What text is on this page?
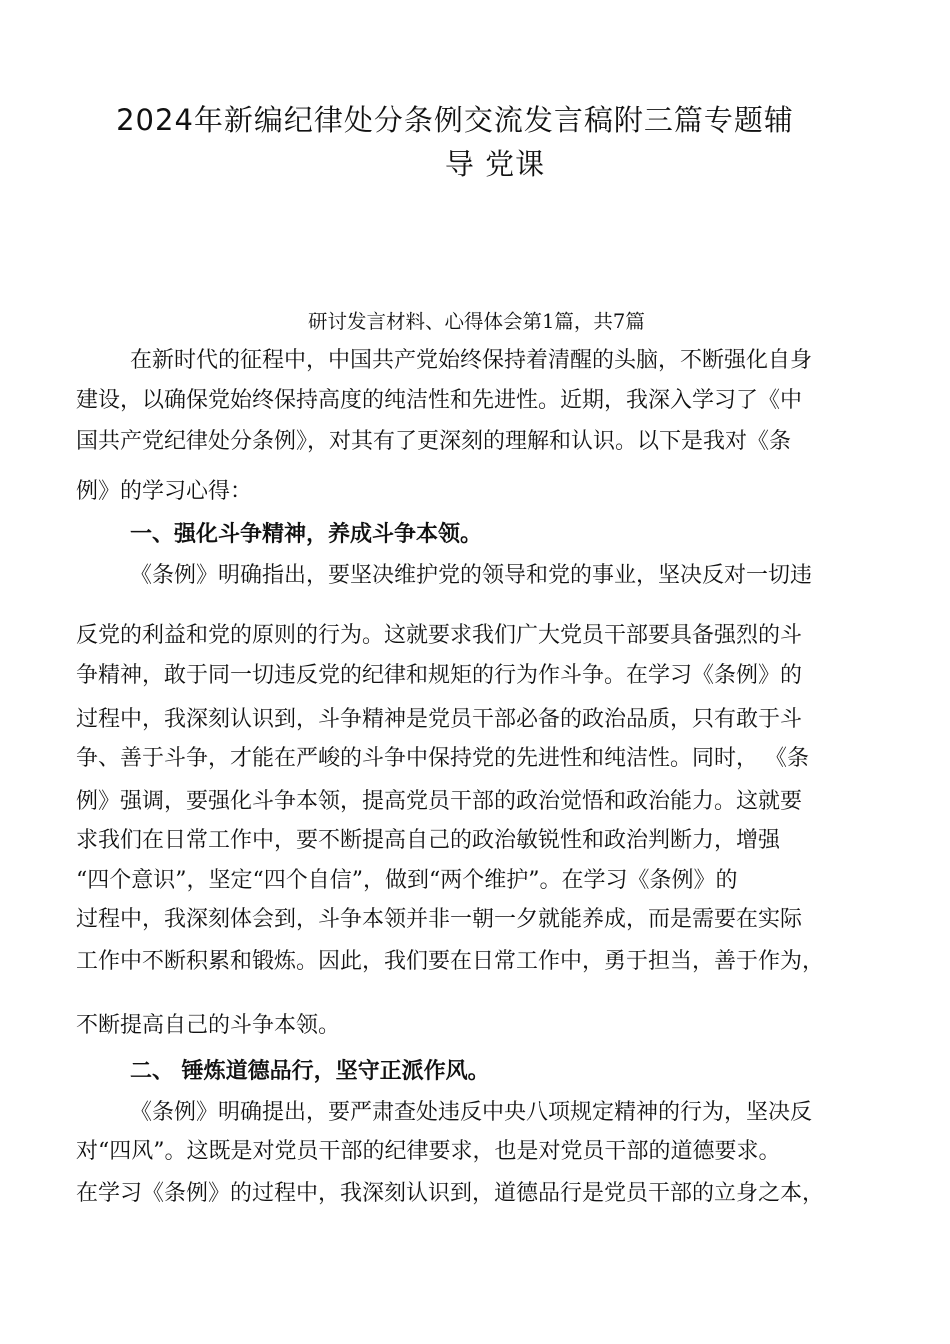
2024年新编纪律处分条例交流发言稿附三篇专题辅
导 党课
研讨发言材料、心得体会第1篇，共7篇
在新时代的征程中，中国共产党始终保持着清醒的头脑，不断强化自身
建设，以确保党始终保持高度的纯洁性和先进性。近期，我深入学习了《中
国共产党纪律处分条例》，对其有了更深刻的理解和认识。以下是我对《条
例》的学习心得：
一、强化斗争精神，养成斗争本领。
《条例》明确指出，要坚决维护党的领导和党的事业，坚决反对一切违
反党的利益和党的原则的行为。这就要求我们广大党员干部要具备强烈的斗
争精神，敢于同一切违反党的纪律和规矩的行为作斗争。在学习《条例》的
过程中，我深刻认识到，斗争精神是党员干部必备的政治品质，只有敢于斗
争、善于斗争，才能在严峻的斗争中保持党的先进性和纯洁性。同时， 《条
例》强调，要强化斗争本领，提高党员干部的政治觉悟和政治能力。这就要
求我们在日常工作中，要不断提高自己的政治敏锐性和政治判断力，增强
“四个意识”，坚定“四个自信”，做到“两个维护”。在学习《条例》的
过程中，我深刻体会到，斗争本领并非一朝一夕就能养成，而是需要在实际
工作中不断积累和锻炼。因此，我们要在日常工作中，勇于担当，善于作为，
不断提高自己的斗争本领。
二、 锤炼道德品行，坚守正派作风。
《条例》明确提出，要严肃查处违反中央八项规定精神的行为，坚决反
对“四风”。这既是对党员干部的纪律要求，也是对党员干部的道德要求。
在学习《条例》的过程中，我深刻认识到，道德品行是党员干部的立身之本，
